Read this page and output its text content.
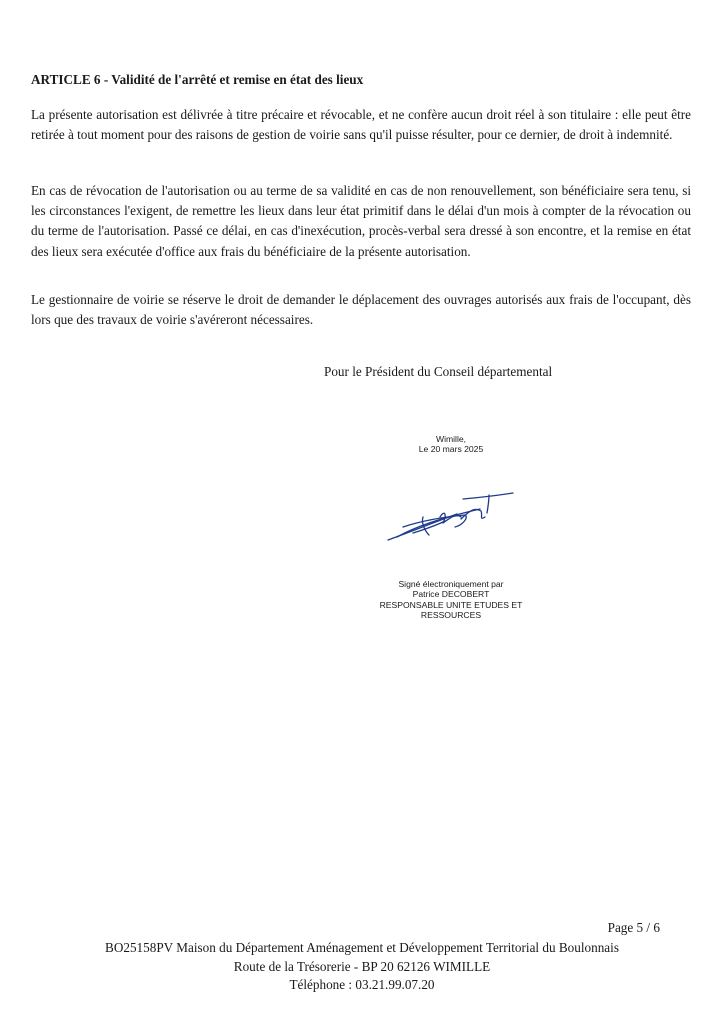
ARTICLE 6 - Validité de l'arrêté et remise en état des lieux

La présente autorisation est délivrée à titre précaire et révocable, et ne confère aucun droit réel à son titulaire : elle peut être retirée à tout moment pour des raisons de gestion de voirie sans qu'il puisse résulter, pour ce dernier, de droit à indemnité.

En cas de révocation de l'autorisation ou au terme de sa validité en cas de non renouvellement, son bénéficiaire sera tenu, si les circonstances l'exigent, de remettre les lieux dans leur état primitif dans le délai d'un mois à compter de la révocation ou du terme de l'autorisation. Passé ce délai, en cas d'inexécution, procès-verbal sera dressé à son encontre, et la remise en état des lieux sera exécutée d'office aux frais du bénéficiaire de la présente autorisation.

Le gestionnaire de voirie se réserve le droit de demander le déplacement des ouvrages autorisés aux frais de l'occupant, dès lors que des travaux de voirie s'avéreront nécessaires.

Pour le Président du Conseil départemental

Wimille,
Le 20 mars 2025
Signé électroniquement par
Patrice DECOBERT
RESPONSABLE UNITE ETUDES ET
RESSOURCES
Page 5 / 6
BO25158PV Maison du Département Aménagement et Développement Territorial du Boulonnais
Route de la Trésorerie - BP 20 62126 WIMILLE
Téléphone : 03.21.99.07.20
